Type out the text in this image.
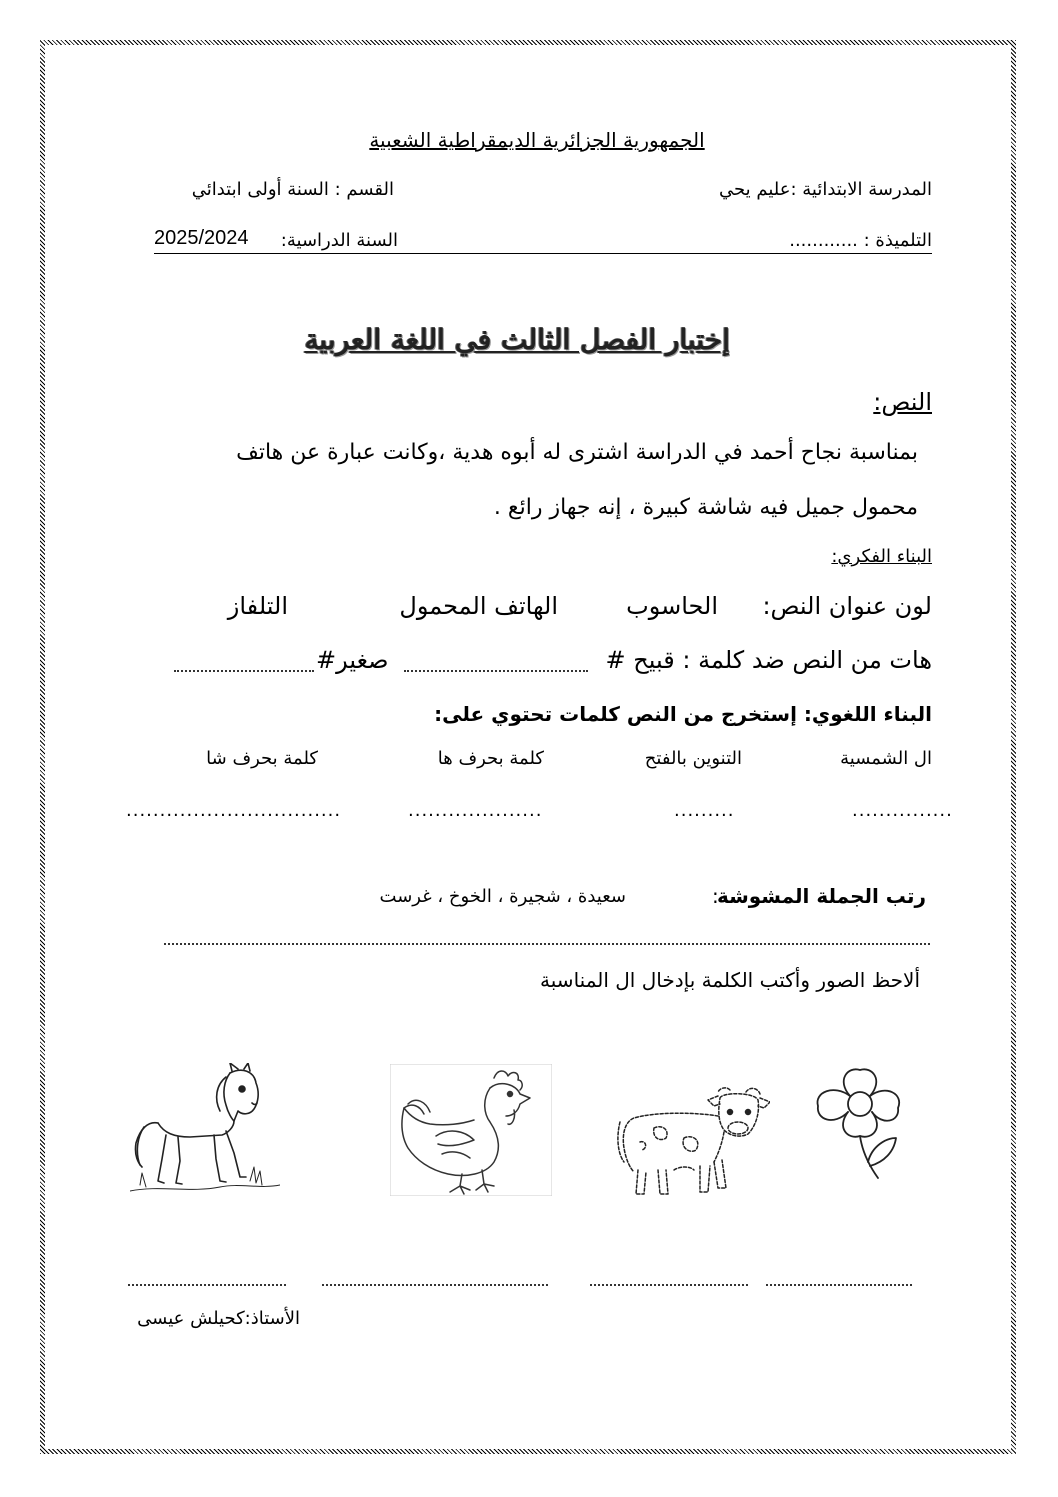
الجمهورية الجزائرية الديمقراطية الشعبية
المدرسة الابتدائية :عليم يحي
القسم : السنة أولى ابتدائي
التلميذة : ............
السنة الدراسية:
2025/2024
إختبار الفصل الثالث في اللغة العربية
النص:
بمناسبة نجاح أحمد في الدراسة اشترى له أبوه هدية ،وكانت عبارة عن هاتف
محمول جميل فيه شاشة كبيرة ، إنه جهاز رائع .
البناء الفكري:
لون عنوان النص:
الحاسوب
الهاتف المحمول
التلفاز
هات من النص ضد كلمة : قبيح #
صغير#
البناء اللغوي: إستخرج من النص كلمات تحتوي على:
ال الشمسية
التنوين بالفتح
كلمة بحرف ها
كلمة بحرف شا
...............
.........
....................
................................
رتب الجملة المشوشة
:
سعيدة ، شجيرة ، الخوخ ، غرست
ألاحظ الصور وأكتب الكلمة بإدخال ال المناسبة
الأستاذ:كحيلش عيسى
